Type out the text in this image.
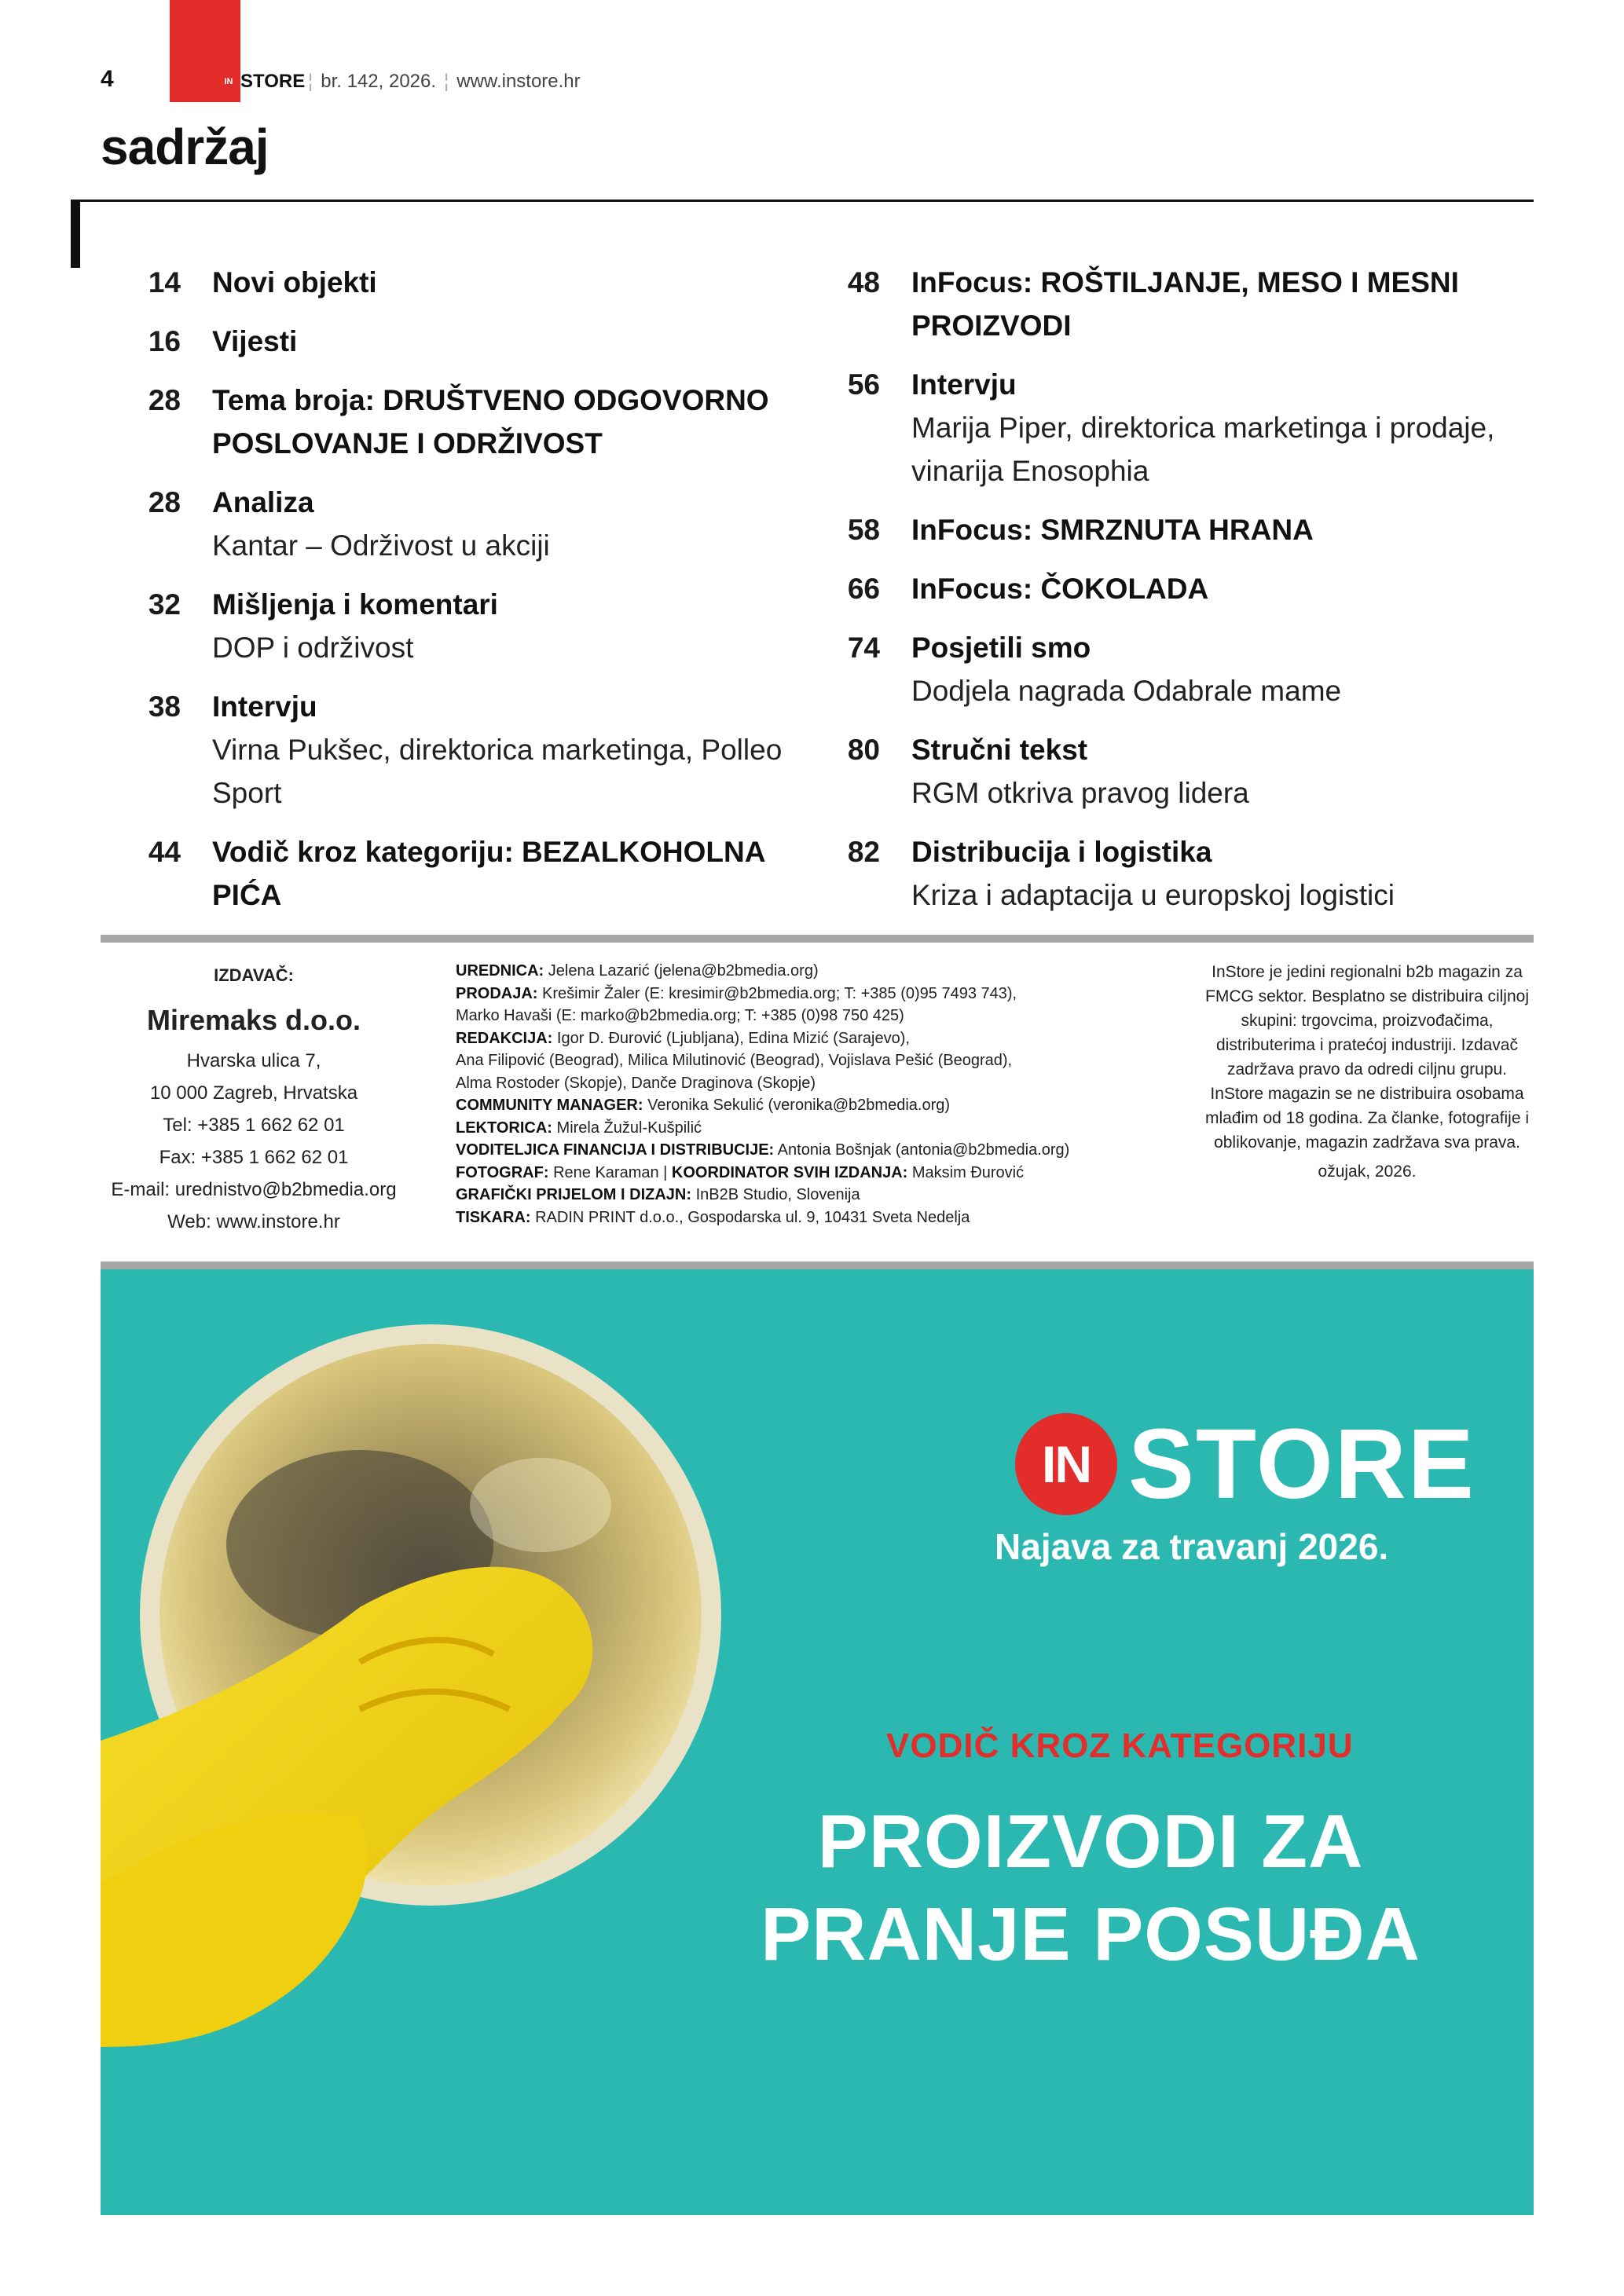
4	IN STORE ¦ br. 142, 2026. ¦ www.instore.hr
sadržaj
14 Novi objekti
16 Vijesti
28 Tema broja: DRUŠTVENO ODGOVORNO POSLOVANJE I ODRŽIVOST
28 Analiza
Kantar – Održivost u akciji
32 Mišljenja i komentari
DOP i održivost
38 Intervju
Virna Pukšec, direktorica marketinga, Polleo Sport
44 Vodič kroz kategoriju: BEZALKOHOLNA PIĆA
48 InFocus: ROŠTILJANJE, MESO I MESNI PROIZVODI
56 Intervju
Marija Piper, direktorica marketinga i prodaje, vinarija Enosophia
58 InFocus: SMRZNUTA HRANA
66 InFocus: ČOKOLADA
74 Posjetili smo
Dodjela nagrada Odabrale mame
80 Stručni tekst
RGM otkriva pravog lidera
82 Distribucija i logistika
Kriza i adaptacija u europskoj logistici
IZDAVAČ:
Miremaks d.o.o.
Hvarska ulica 7,
10 000 Zagreb, Hrvatska
Tel: +385 1 662 62 01
Fax: +385 1 662 62 01
E-mail: urednistvo@b2bmedia.org
Web: www.instore.hr
UREDNICA: Jelena Lazarić (jelena@b2bmedia.org)
PRODAJA: Krešimir Žaler (E: kresimir@b2bmedia.org; T: +385 (0)95 7493 743),
Marko Havaši (E: marko@b2bmedia.org; T: +385 (0)98 750 425)
REDAKCIJA: Igor D. Đurović (Ljubljana), Edina Mizić (Sarajevo),
Ana Filipović (Beograd), Milica Milutinović (Beograd), Vojislava Pešić (Beograd),
Alma Rostoder (Skopje), Danče Draginova (Skopje)
COMMUNITY MANAGER: Veronika Sekulić (veronika@b2bmedia.org)
LEKTORICA: Mirela Žužul-Kušpilić
VODITELJICA FINANCIJA I DISTRIBUCIJE: Antonia Bošnjak (antonia@b2bmedia.org)
FOTOGRAF: Rene Karaman | KOORDINATOR SVIH IZDANJA: Maksim Đurović
GRAFIČKI PRIJELOM I DIZAJN: InB2B Studio, Slovenija
TISKARA: RADIN PRINT d.o.o., Gospodarska ul. 9, 10431 Sveta Nedelja
InStore je jedini regionalni b2b magazin za FMCG sektor. Besplatno se distribuira ciljnoj skupini: trgovcima, proizvođačima, distributerima i pratećoj industriji. Izdavač zadržava pravo da odredi ciljnu grupu. InStore magazin se ne distribuira osobama mlađim od 18 godina. Za članke, fotografije i oblikovanje, magazin zadržava sva prava.
ožujak, 2026.
IN STORE
Najava za travanj 2026.
VODIČ KROZ KATEGORIJU
PROIZVODI ZA
PRANJE POSUĐA
